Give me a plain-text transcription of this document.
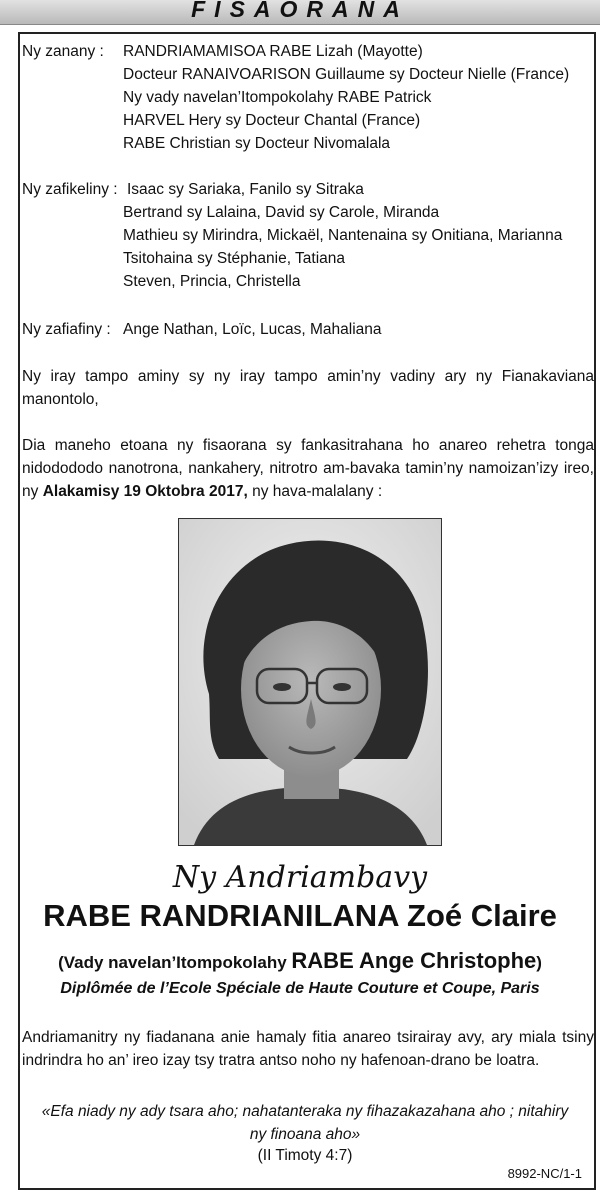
FISAORANA
Ny zanany : RANDRIAMAMISOA RABE Lizah (Mayotte)
Docteur RANAIVOARISON Guillaume sy Docteur Nielle (France)
Ny vady navelan’Itompokolahy RABE Patrick
HARVEL Hery sy Docteur Chantal (France)
RABE Christian sy Docteur Nivomalala
Ny zafikeliny : Isaac sy Sariaka, Fanilo sy Sitraka
Bertrand sy Lalaina, David sy Carole, Miranda
Mathieu sy Mirindra, Mickaël, Nantenaina sy Onitiana, Marianna
Tsitohaina sy Stéphanie, Tatiana
Steven, Princia, Christella
Ny zafiafiny : Ange Nathan, Loïc, Lucas, Mahaliana
Ny iray tampo aminy sy ny iray tampo amin’ny vadiny ary ny Fianakaviana manontolo,
Dia maneho etoana ny fisaorana sy fankasitrahana ho anareo rehetra tonga nidodododo nanotrona, nankahery, nitrotro am-bavaka tamin’ny namoizan’izy ireo, ny Alakamisy 19 Oktobra 2017, ny hava-malalany :
Ny Andriambavy
RABE RANDRIANILANA Zoé Claire
(Vady navelan’Itompokolahy RABE Ange Christophe)
Diplômée de l’Ecole Spéciale de Haute Couture et Coupe, Paris
Andriamanitry ny fiadanana anie hamaly fitia anareo tsirairay avy, ary miala tsiny indrindra ho an’ ireo izay tsy tratra antso noho ny hafenoan-drano be loatra.
«Efa niady ny ady tsara aho; nahatanteraka ny fihazakazahana aho ; nitahiry ny finoana aho»
(II Timoty 4:7)
8992-NC/1-1
